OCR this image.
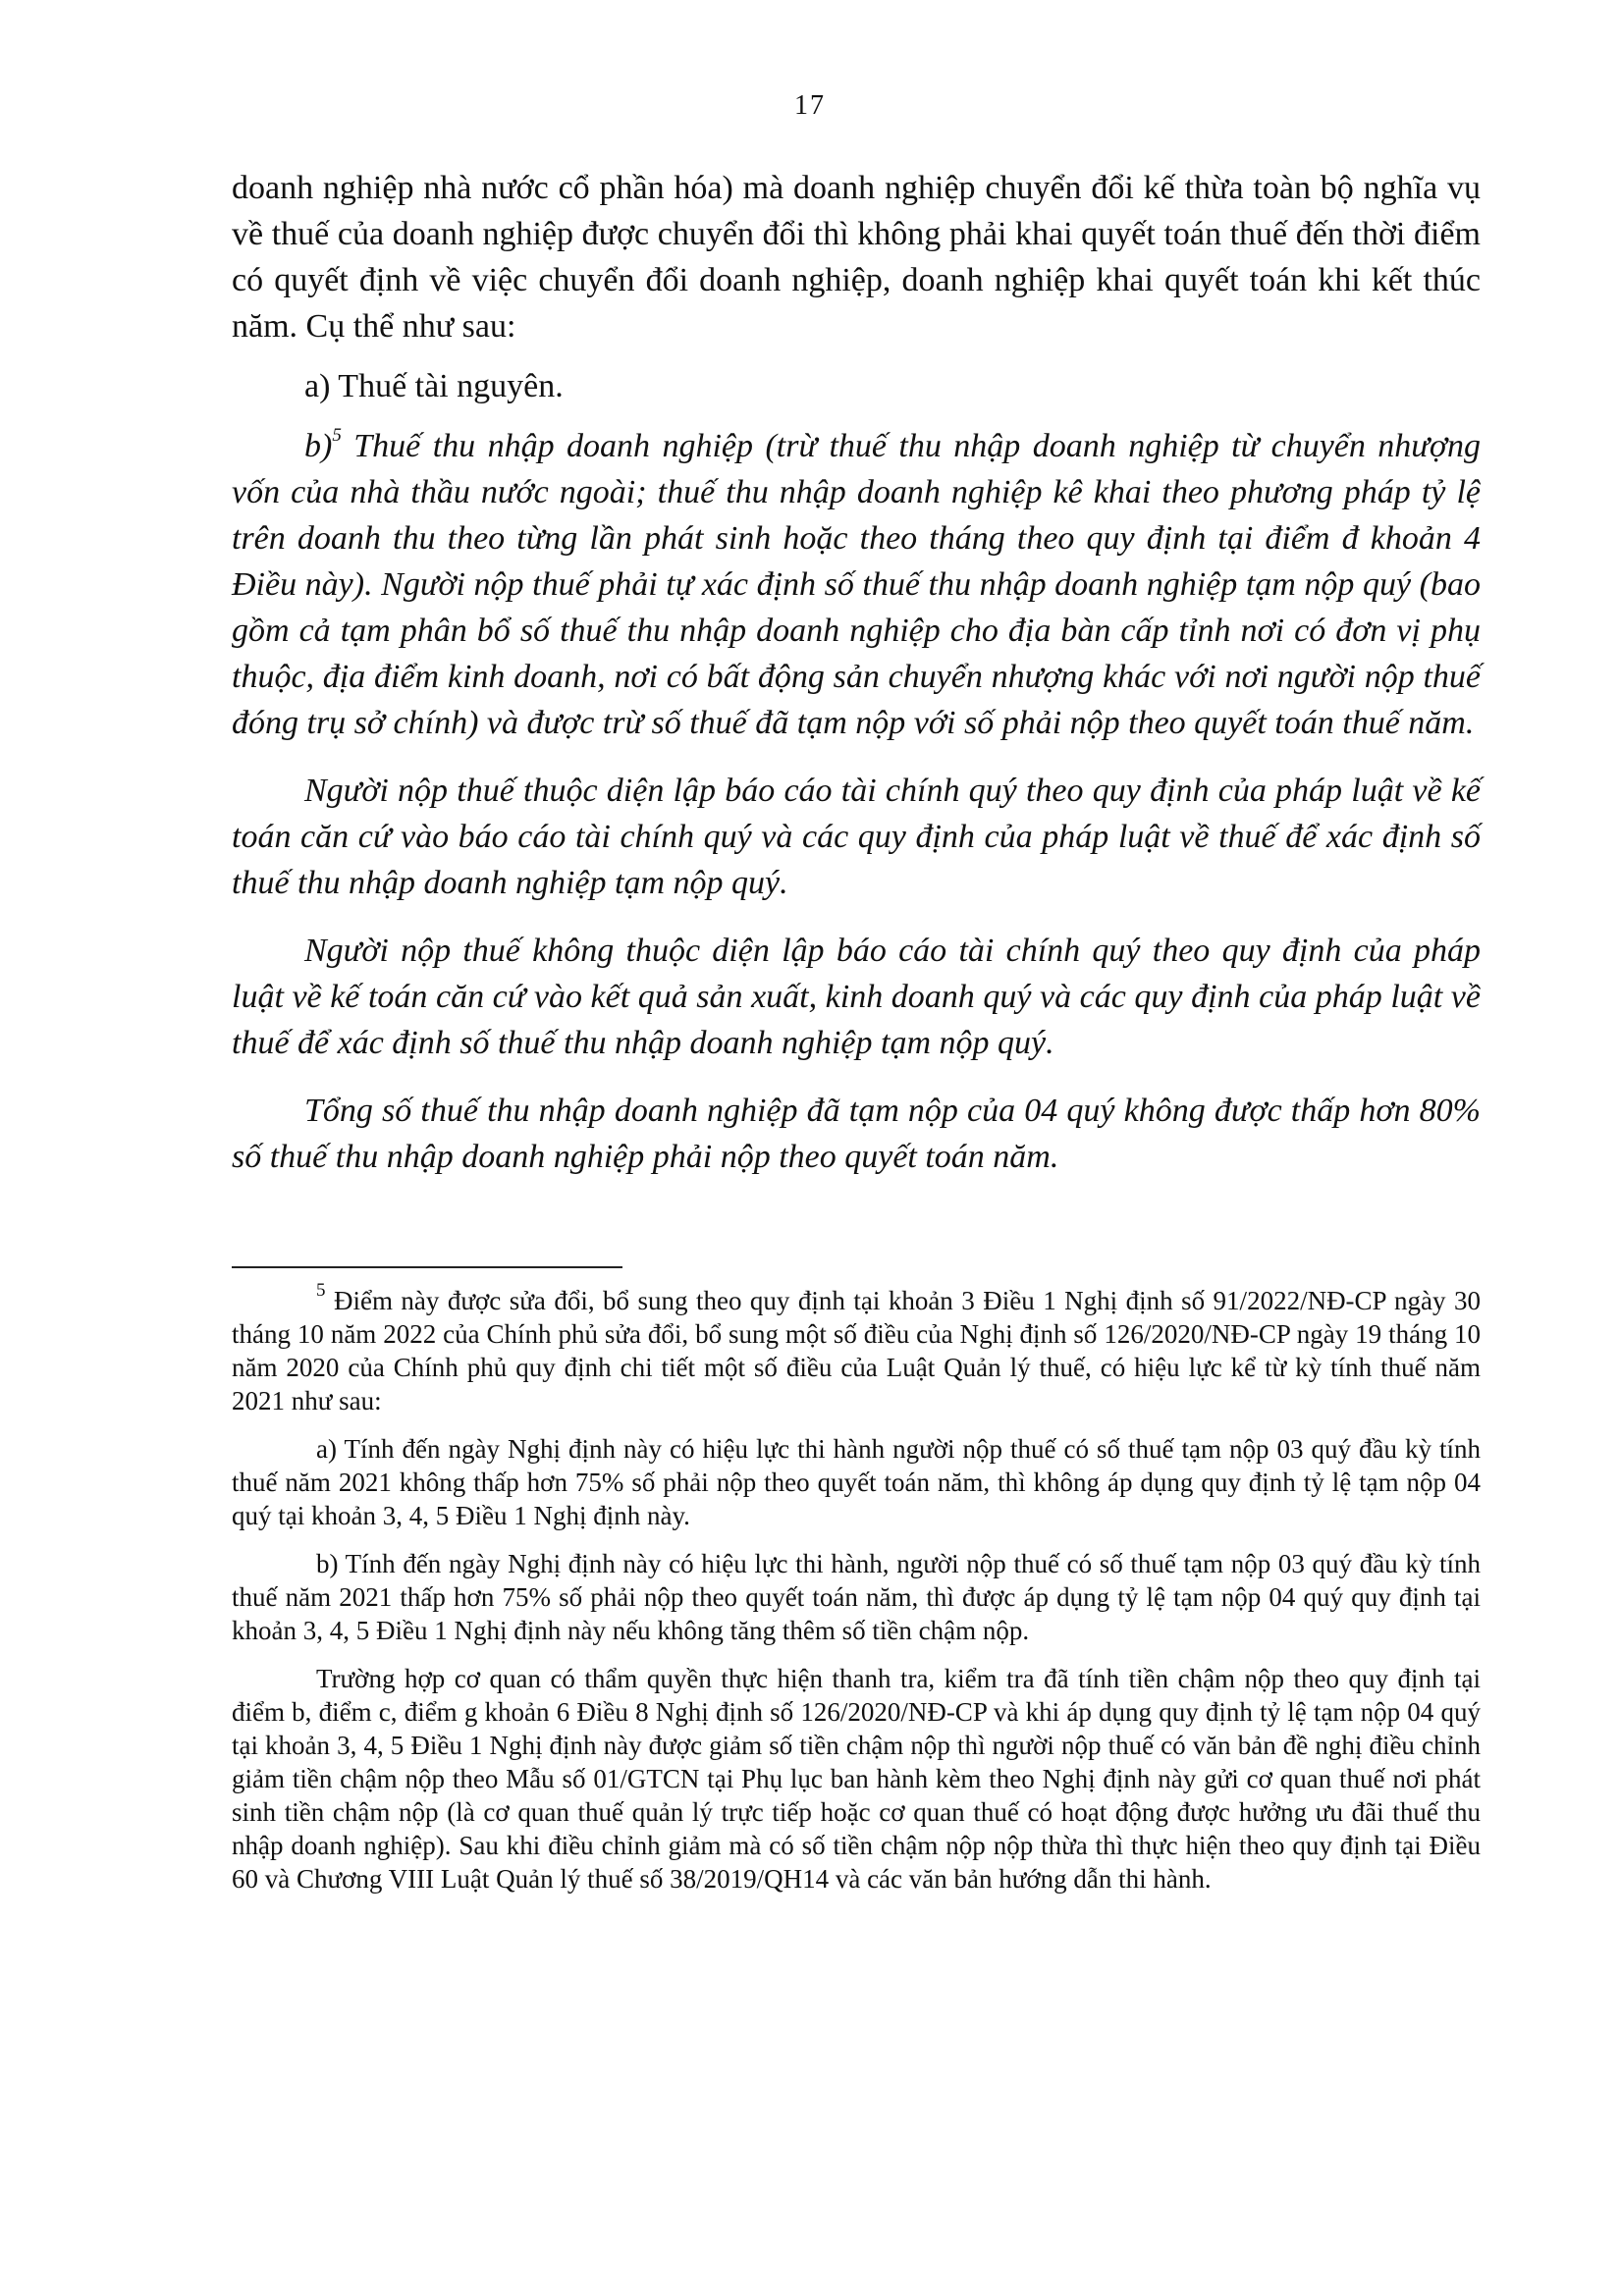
17

doanh nghiệp nhà nước cổ phần hóa) mà doanh nghiệp chuyển đổi kế thừa toàn bộ nghĩa vụ về thuế của doanh nghiệp được chuyển đổi thì không phải khai quyết toán thuế đến thời điểm có quyết định về việc chuyển đổi doanh nghiệp, doanh nghiệp khai quyết toán khi kết thúc năm. Cụ thể như sau:

a) Thuế tài nguyên.

b)$^5$ Thuế thu nhập doanh nghiệp (trừ thuế thu nhập doanh nghiệp từ chuyển nhượng vốn của nhà thầu nước ngoài; thuế thu nhập doanh nghiệp kê khai theo phương pháp tỷ lệ trên doanh thu theo từng lần phát sinh hoặc theo tháng theo quy định tại điểm đ khoản 4 Điều này). Người nộp thuế phải tự xác định số thuế thu nhập doanh nghiệp tạm nộp quý (bao gồm cả tạm phân bổ số thuế thu nhập doanh nghiệp cho địa bàn cấp tỉnh nơi có đơn vị phụ thuộc, địa điểm kinh doanh, nơi có bất động sản chuyển nhượng khác với nơi người nộp thuế đóng trụ sở chính) và được trừ số thuế đã tạm nộp với số phải nộp theo quyết toán thuế năm.

Người nộp thuế thuộc diện lập báo cáo tài chính quý theo quy định của pháp luật về kế toán căn cứ vào báo cáo tài chính quý và các quy định của pháp luật về thuế để xác định số thuế thu nhập doanh nghiệp tạm nộp quý.

Người nộp thuế không thuộc diện lập báo cáo tài chính quý theo quy định của pháp luật về kế toán căn cứ vào kết quả sản xuất, kinh doanh quý và các quy định của pháp luật về thuế để xác định số thuế thu nhập doanh nghiệp tạm nộp quý.

Tổng số thuế thu nhập doanh nghiệp đã tạm nộp của 04 quý không được thấp hơn 80% số thuế thu nhập doanh nghiệp phải nộp theo quyết toán năm.

$^5$ Điểm này được sửa đổi, bổ sung theo quy định tại khoản 3 Điều 1 Nghị định số 91/2022/NĐ-CP ngày 30 tháng 10 năm 2022 của Chính phủ sửa đổi, bổ sung một số điều của Nghị định số 126/2020/NĐ-CP ngày 19 tháng 10 năm 2020 của Chính phủ quy định chi tiết một số điều của Luật Quản lý thuế, có hiệu lực kể từ kỳ tính thuế năm 2021 như sau:

a) Tính đến ngày Nghị định này có hiệu lực thi hành người nộp thuế có số thuế tạm nộp 03 quý đầu kỳ tính thuế năm 2021 không thấp hơn 75% số phải nộp theo quyết toán năm, thì không áp dụng quy định tỷ lệ tạm nộp 04 quý tại khoản 3, 4, 5 Điều 1 Nghị định này.

b) Tính đến ngày Nghị định này có hiệu lực thi hành, người nộp thuế có số thuế tạm nộp 03 quý đầu kỳ tính thuế năm 2021 thấp hơn 75% số phải nộp theo quyết toán năm, thì được áp dụng tỷ lệ tạm nộp 04 quý quy định tại khoản 3, 4, 5 Điều 1 Nghị định này nếu không tăng thêm số tiền chậm nộp.

Trường hợp cơ quan có thẩm quyền thực hiện thanh tra, kiểm tra đã tính tiền chậm nộp theo quy định tại điểm b, điểm c, điểm g khoản 6 Điều 8 Nghị định số 126/2020/NĐ-CP và khi áp dụng quy định tỷ lệ tạm nộp 04 quý tại khoản 3, 4, 5 Điều 1 Nghị định này được giảm số tiền chậm nộp thì người nộp thuế có văn bản đề nghị điều chỉnh giảm tiền chậm nộp theo Mẫu số 01/GTCN tại Phụ lục ban hành kèm theo Nghị định này gửi cơ quan thuế nơi phát sinh tiền chậm nộp (là cơ quan thuế quản lý trực tiếp hoặc cơ quan thuế có hoạt động được hưởng ưu đãi thuế thu nhập doanh nghiệp). Sau khi điều chỉnh giảm mà có số tiền chậm nộp nộp thừa thì thực hiện theo quy định tại Điều 60 và Chương VIII Luật Quản lý thuế số 38/2019/QH14 và các văn bản hướng dẫn thi hành.
